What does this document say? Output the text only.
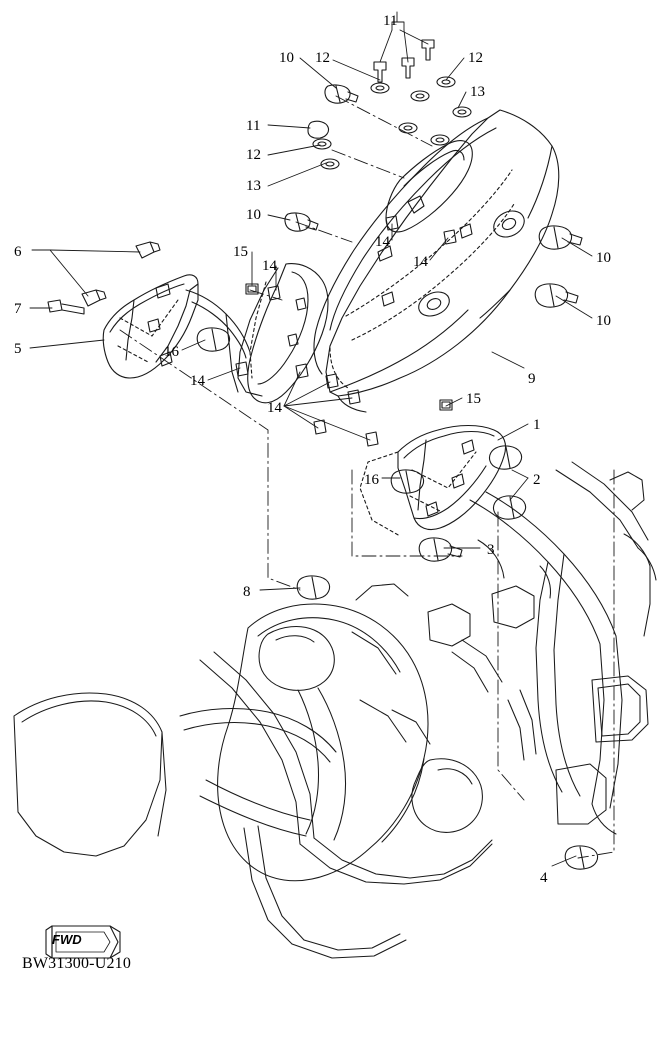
FWD
BW31300-U210
11
10 12	12
13
11
12
13
10
6	15
14
14
14	10
7
10
5	16
9
14
14
15
1
2
16
3
8
4
